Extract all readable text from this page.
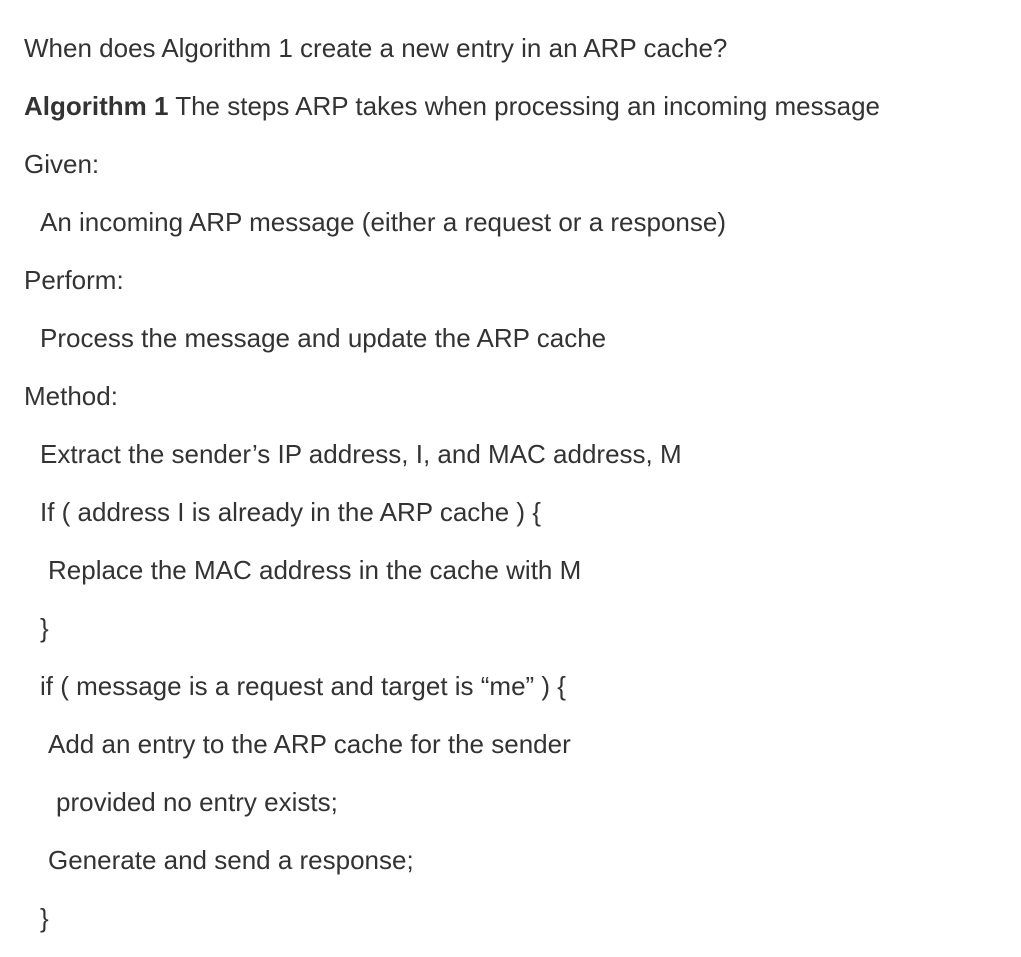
When does Algorithm 1 create a new entry in an ARP cache?
Algorithm 1 The steps ARP takes when processing an incoming message
Given:
An incoming ARP message (either a request or a response)
Perform:
Process the message and update the ARP cache
Method:
Extract the sender’s IP address, I, and MAC address, M
If ( address I is already in the ARP cache ) {
Replace the MAC address in the cache with M
}
if ( message is a request and target is “me” ) {
Add an entry to the ARP cache for the sender
provided no entry exists;
Generate and send a response;
}
